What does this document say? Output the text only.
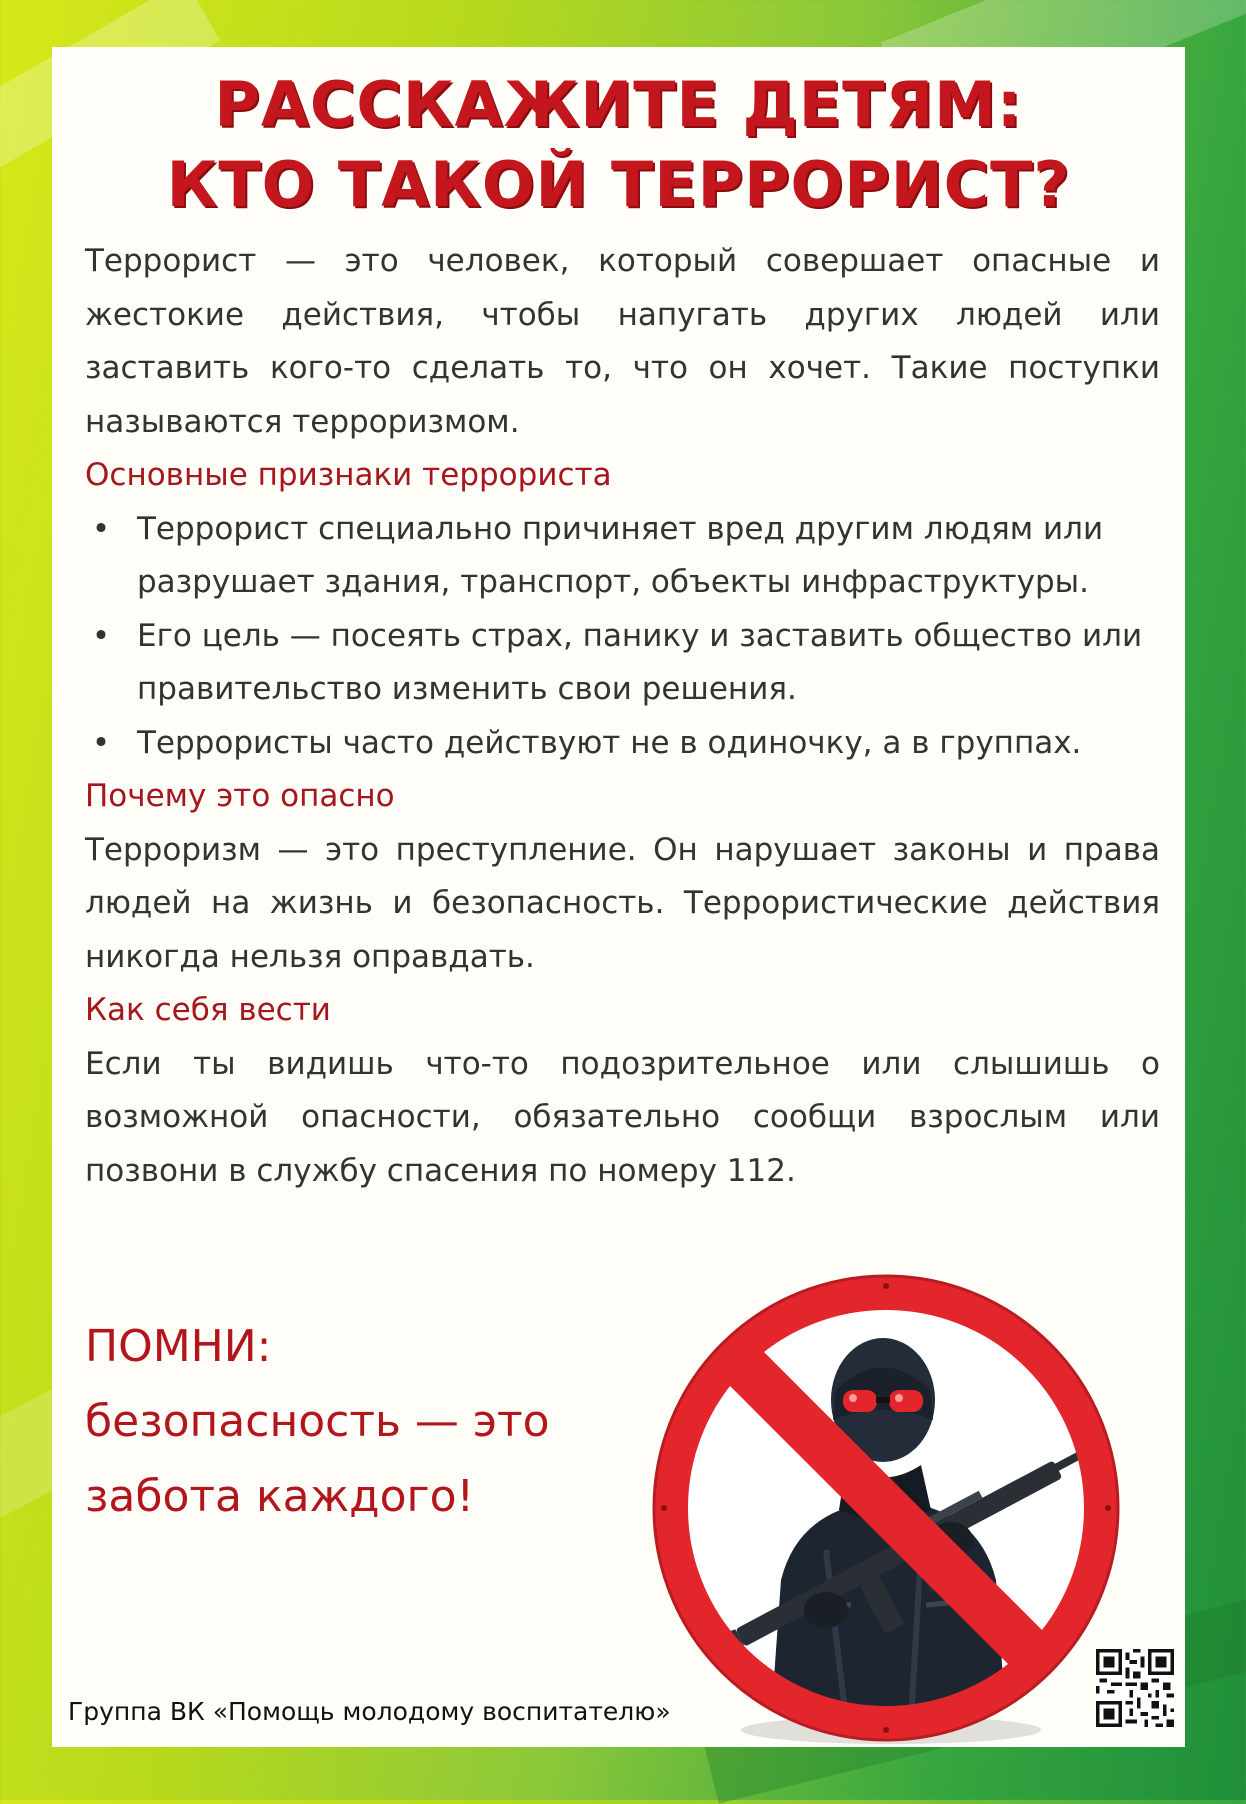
РАССКАЖИТЕ ДЕТЯМ:
КТО ТАКОЙ ТЕРРОРИСТ?

Террорист — это человек, который совершает опасные и жестокие действия, чтобы напугать других людей или заставить кого-то сделать то, что он хочет. Такие поступки называются терроризмом.

Основные признаки террориста

• Террорист специально причиняет вред другим людям или разрушает здания, транспорт, объекты инфраструктуры.
• Его цель — посеять страх, панику и заставить общество или правительство изменить свои решения.
• Террористы часто действуют не в одиночку, а в группах.

Почему это опасно

Терроризм — это преступление. Он нарушает законы и права людей на жизнь и безопасность. Террористические действия никогда нельзя оправдать.

Как себя вести

Если ты видишь что-то подозрительное или слышишь о возможной опасности, обязательно сообщи взрослым или позвони в службу спасения по номеру 112.

ПОМНИ:
безопасность — это
забота каждого!
Группа ВК «Помощь молодому воспитателю»
